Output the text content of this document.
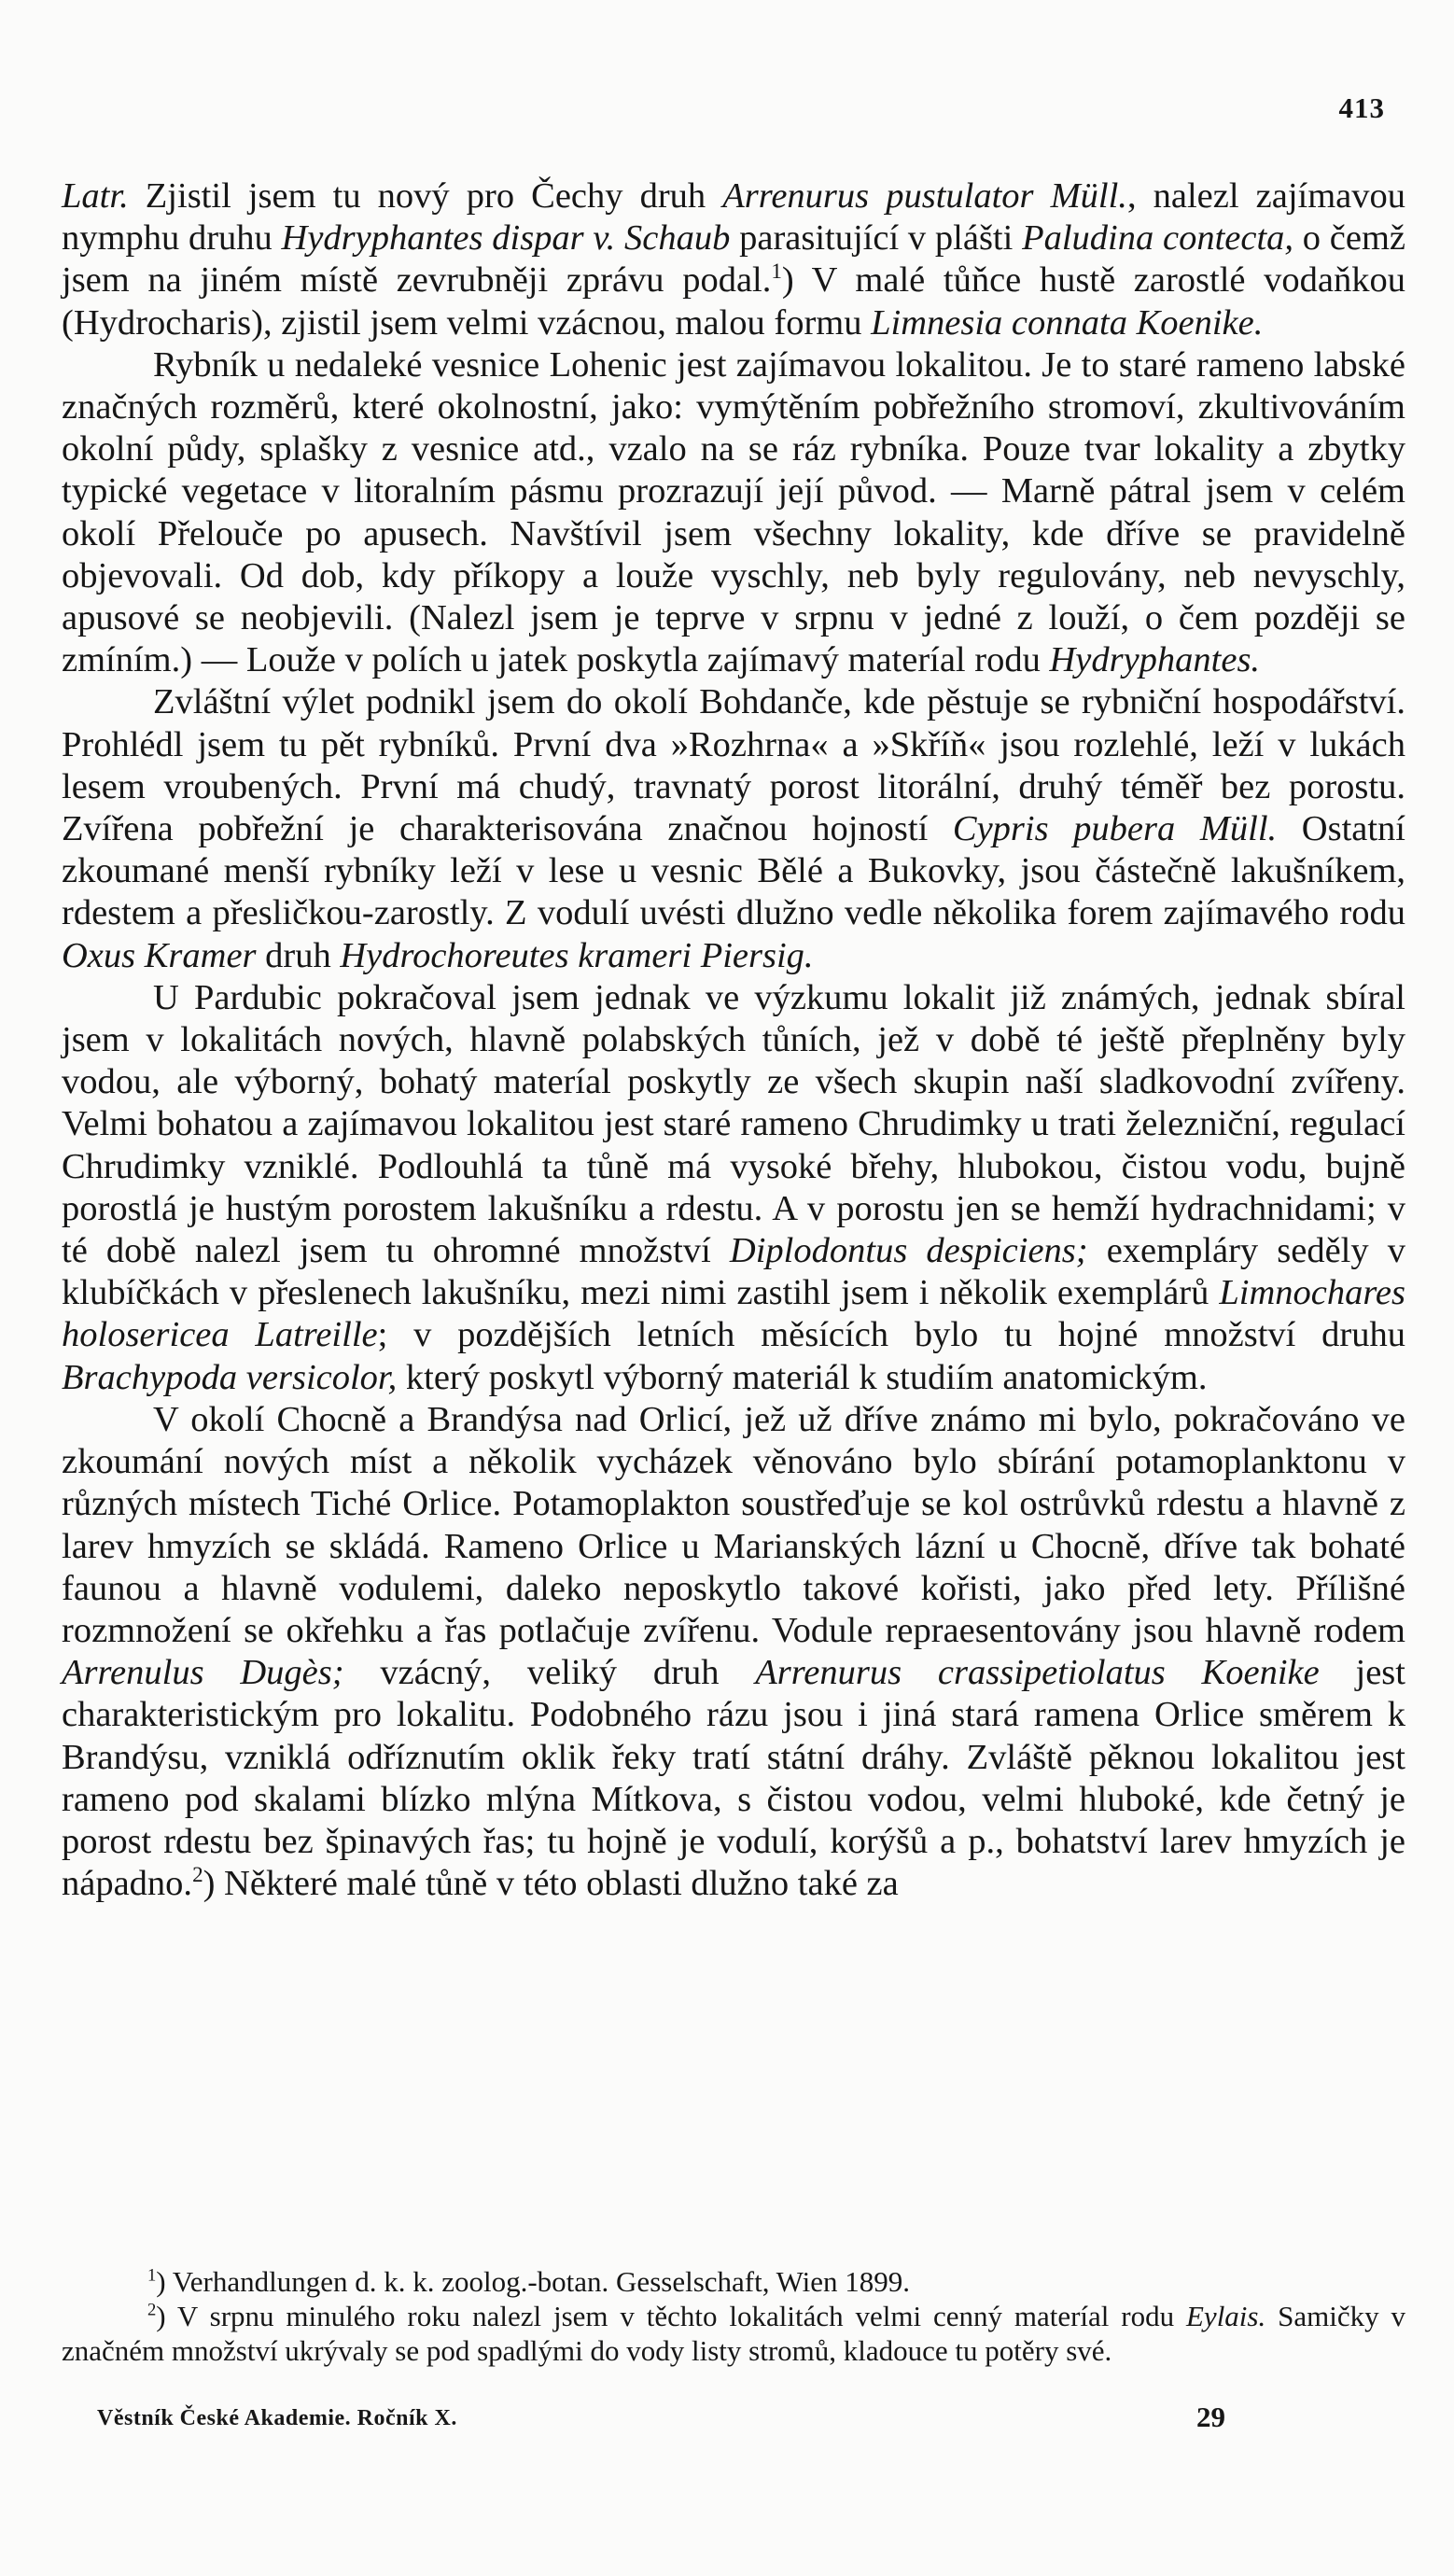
413

Latr. Zjistil jsem tu nový pro Čechy druh Arrenurus pustulator Müll., nalezl zajímavou nymphu druhu Hydryphantes dispar v. Schaub parasitující v plášti Paludina contecta, o čemž jsem na jiném místě zevrubněji zprávu podal.$^1$) V malé tůňce hustě zarostlé vodaňkou (Hydrocharis), zjistil jsem velmi vzácnou, malou formu Limnesia connata Koenike.

Rybník u nedaleké vesnice Lohenic jest zajímavou lokalitou. Je to staré rameno labské značných rozměrů, které okolnostní, jako: vymýtěním pobřežního stromoví, zkultivováním okolní půdy, splašky z vesnice atd., vzalo na se ráz rybníka. Pouze tvar lokality a zbytky typické vegetace v litoralním pásmu prozrazují její původ. — Marně pátral jsem v celém okolí Přelouče po apusech. Navštívil jsem všechny lokality, kde dříve se pravidelně objevovali. Od dob, kdy příkopy a louže vyschly, neb byly regulovány, neb nevyschly, apusové se neobjevili. (Nalezl jsem je teprve v srpnu v jedné z louží, o čem později se zmíním.) — Louže v polích u jatek poskytla zajímavý materíal rodu Hydryphantes.

Zvláštní výlet podnikl jsem do okolí Bohdanče, kde pěstuje se rybniční hospodářství. Prohlédl jsem tu pět rybníků. První dva »Rozhrna« a »Skříň« jsou rozlehlé, leží v lukách lesem vroubených. První má chudý, travnatý porost litorální, druhý téměř bez porostu. Zvířena pobřežní je charakterisována značnou hojností Cypris pubera Müll. Ostatní zkoumané menší rybníky leží v lese u vesnic Bělé a Bukovky, jsou částečně lakušníkem, rdestem a přesličkou-zarostly. Z vodulí uvésti dlužno vedle několika forem zajímavého rodu Oxus Kramer druh Hydrochoreutes krameri Piersig.

U Pardubic pokračoval jsem jednak ve výzkumu lokalit již známých, jednak sbíral jsem v lokalitách nových, hlavně polabských tůních, jež v době té ještě přeplněny byly vodou, ale výborný, bohatý materíal poskytly ze všech skupin naší sladkovodní zvířeny. Velmi bohatou a zajímavou lokalitou jest staré rameno Chrudimky u trati železniční, regulací Chrudimky vzniklé. Podlouhlá ta tůně má vysoké břehy, hlubokou, čistou vodu, bujně porostlá je hustým porostem lakušníku a rdestu. A v porostu jen se hemží hydrachnidami; v té době nalezl jsem tu ohromné množství Diplodontus despiciens; exempláry seděly v klubíčkách v přeslenech lakušníku, mezi nimi zastihl jsem i několik exemplárů Limnochares holosericea Latreille; v pozdějších letních měsících bylo tu hojné množství druhu Brachypoda versicolor, který poskytl výborný materiál k studiím anatomickým.

V okolí Chocně a Brandýsa nad Orlicí, jež už dříve známo mi bylo, pokračováno ve zkoumání nových míst a několik vycházek věnováno bylo sbírání potamoplanktonu v různých místech Tiché Orlice. Potamoplakton soustřeďuje se kol ostrůvků rdestu a hlavně z larev hmyzích se skládá. Rameno Orlice u Marianských lázní u Chocně, dříve tak bohaté faunou a hlavně vodulemi, daleko neposkytlo takové kořisti, jako před lety. Přílišné rozmnožení se okřehku a řas potlačuje zvířenu. Vodule repraesentovány jsou hlavně rodem Arrenulus Dugès; vzácný, veliký druh Arrenurus crassipetiolatus Koenike jest charakteristickým pro lokalitu. Podobného rázu jsou i jiná stará ramena Orlice směrem k Brandýsu, vzniklá odříznutím oklik řeky tratí státní dráhy. Zvláště pěknou lokalitou jest rameno pod skalami blízko mlýna Mítkova, s čistou vodou, velmi hluboké, kde četný je porost rdestu bez špinavých řas; tu hojně je vodulí, korýšů a p., bohatství larev hmyzích je nápadno.$^2$) Některé malé tůně v této oblasti dlužno také za

$^1$) Verhandlungen d. k. k. zoolog.-botan. Gesselschaft, Wien 1899.

$^2$) V srpnu minulého roku nalezl jsem v těchto lokalitách velmi cenný materíal rodu Eylais. Samičky v značném množství ukrývaly se pod spadlými do vody listy stromů, kladouce tu potěry své.

Věstník České Akademie. Ročník X.	29
